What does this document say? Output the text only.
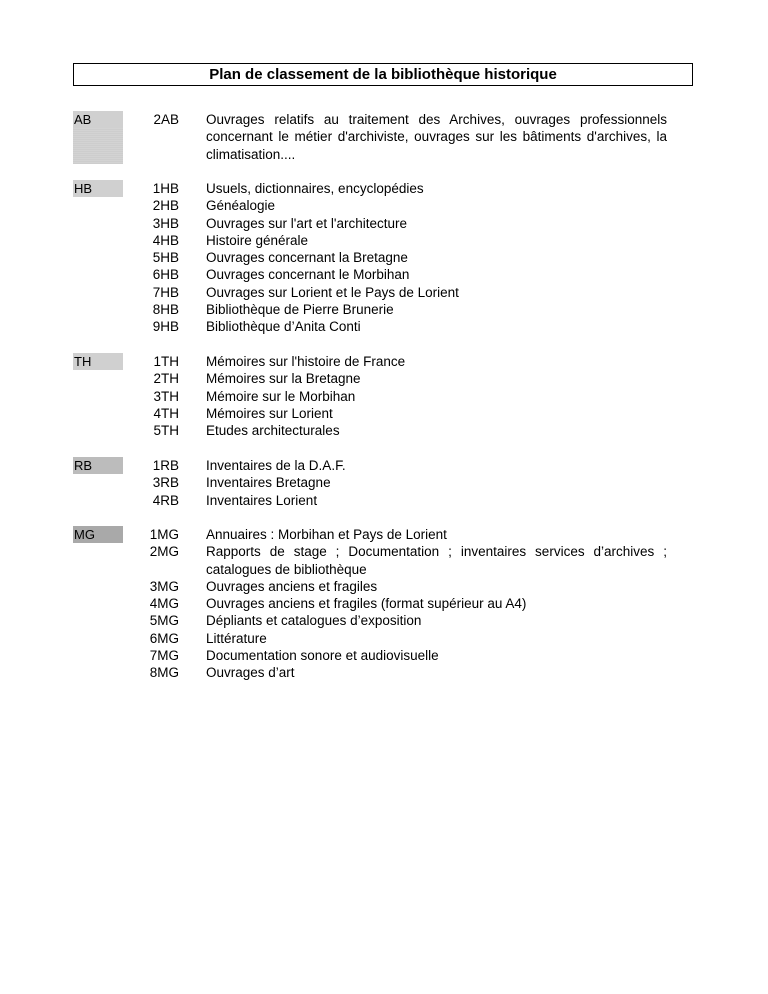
Plan de classement de la bibliothèque historique
AB	2AB Ouvrages relatifs au traitement des Archives, ouvrages professionnels concernant le métier d'archiviste, ouvrages sur les bâtiments d'archives, la climatisation....
HB	1HB Usuels, dictionnaires, encyclopédies
2HB Généalogie
3HB Ouvrages sur l'art et l'architecture
4HB Histoire générale
5HB Ouvrages concernant la Bretagne
6HB Ouvrages concernant le Morbihan
7HB Ouvrages sur Lorient et le Pays de Lorient
8HB Bibliothèque de Pierre Brunerie
9HB Bibliothèque d’Anita Conti
TH	1TH Mémoires sur l'histoire de France
2TH Mémoires sur la Bretagne
3TH Mémoire sur le Morbihan
4TH Mémoires sur Lorient
5TH Etudes architecturales
RB	1RB Inventaires de la D.A.F.
3RB Inventaires Bretagne
4RB Inventaires Lorient
MG	1MG Annuaires : Morbihan et Pays de Lorient
2MG Rapports de stage ; Documentation ; inventaires services d’archives ; catalogues de bibliothèque
3MG Ouvrages anciens et fragiles
4MG Ouvrages anciens et fragiles (format supérieur au A4)
5MG Dépliants et catalogues d’exposition
6MG Littérature
7MG Documentation sonore et audiovisuelle
8MG Ouvrages d’art
